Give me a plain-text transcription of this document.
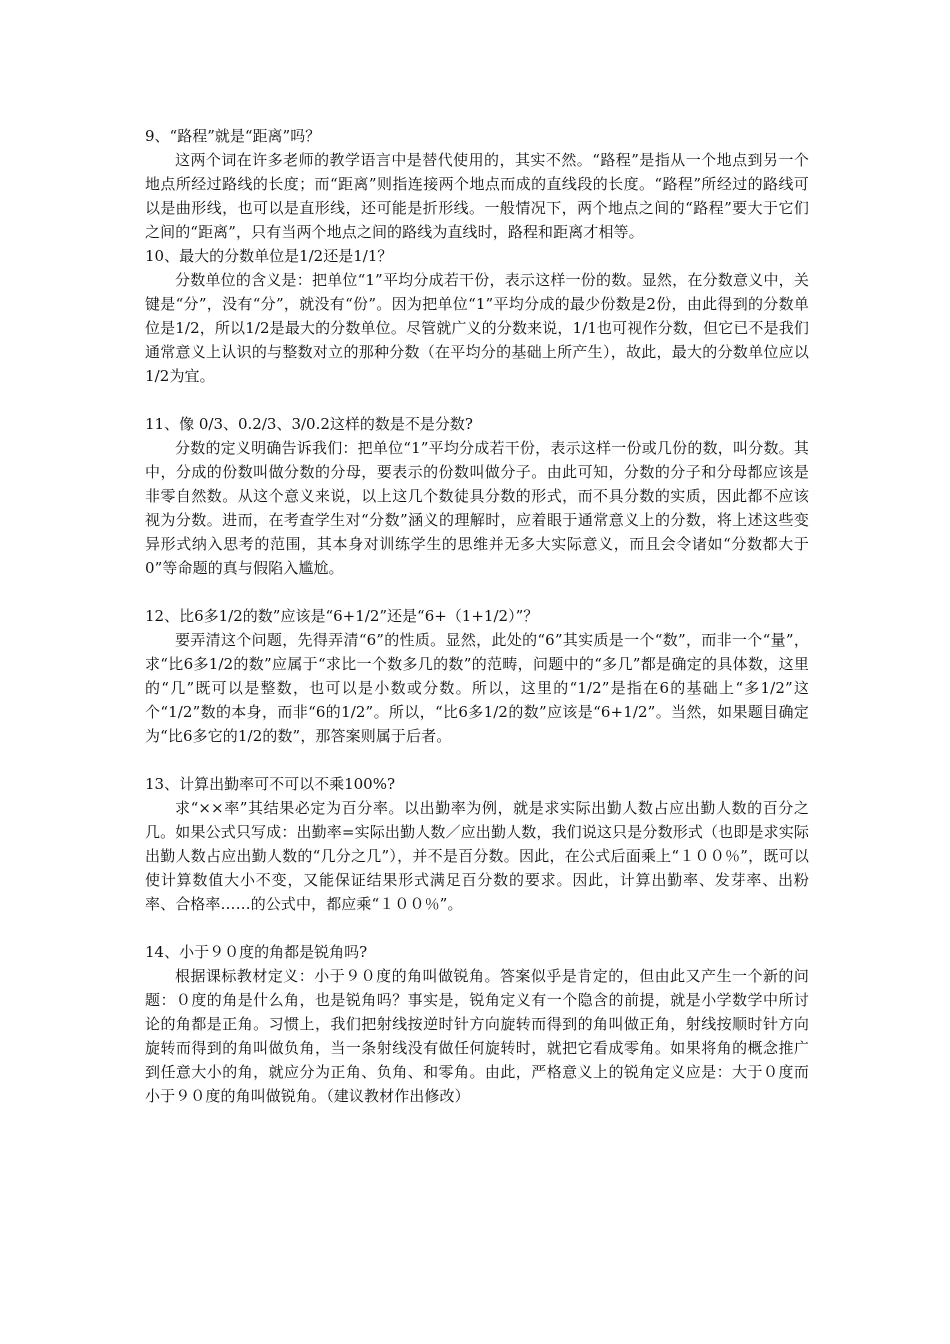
9、“路程”就是“距离”吗？

这两个词在许多老师的教学语言中是替代使用的，其实不然。“路程”是指从一个地点到另一个地点所经过路线的长度；而“距离”则指连接两个地点而成的直线段的长度。“路程”所经过的路线可以是曲形线，也可以是直形线，还可能是折形线。一般情况下，两个地点之间的“路程”要大于它们之间的“距离”，只有当两个地点之间的路线为直线时，路程和距离才相等。

10、最大的分数单位是1/2还是1/1？

分数单位的含义是：把单位“1”平均分成若干份，表示这样一份的数。显然，在分数意义中，关键是“分”，没有“分”，就没有“份”。因为把单位“1”平均分成的最少份数是2份，由此得到的分数单位是1/2，所以1/2是最大的分数单位。尽管就广义的分数来说，1/1也可视作分数，但它已不是我们通常意义上认识的与整数对立的那种分数（在平均分的基础上所产生），故此，最大的分数单位应以1/2为宜。

11、像 0/3、0.2/3、3/0.2这样的数是不是分数?

分数的定义明确告诉我们：把单位“1”平均分成若干份，表示这样一份或几份的数，叫分数。其中，分成的份数叫做分数的分母，要表示的份数叫做分子。由此可知，分数的分子和分母都应该是非零自然数。从这个意义来说，以上这几个数徒具分数的形式，而不具分数的实质，因此都不应该视为分数。进而，在考查学生对“分数”涵义的理解时，应着眼于通常意义上的分数，将上述这些变异形式纳入思考的范围，其本身对训练学生的思维并无多大实际意义，而且会令诸如“分数都大于0”等命题的真与假陷入尴尬。

12、比6多1/2的数”应该是“6+1/2”还是“6+（1+1/2）”？

要弄清这个问题，先得弄清“6”的性质。显然，此处的“6”其实质是一个“数”，而非一个“量”，求“比6多1/2的数”应属于“求比一个数多几的数”的范畴，问题中的“多几”都是确定的具体数，这里的“几”既可以是整数，也可以是小数或分数。所以，这里的“1/2”是指在6的基础上“多1/2”这个“1/2”数的本身，而非“6的1/2”。所以，“比6多1/2的数”应该是“6+1/2”。当然，如果题目确定为“比6多它的1/2的数”，那答案则属于后者。

13、计算出勤率可不可以不乘100%?

求“××率”其结果必定为百分率。以出勤率为例，就是求实际出勤人数占应出勤人数的百分之几。如果公式只写成：出勤率=实际出勤人数／应出勤人数，我们说这只是分数形式（也即是求实际出勤人数占应出勤人数的“几分之几”），并不是百分数。因此，在公式后面乘上“１００％”，既可以使计算数值大小不变，又能保证结果形式满足百分数的要求。因此，计算出勤率、发芽率、出粉率、合格率……的公式中，都应乘“１００％”。

14、小于９０度的角都是锐角吗?

根据课标教材定义：小于９０度的角叫做锐角。答案似乎是肯定的，但由此又产生一个新的问题：０度的角是什么角，也是锐角吗？事实是，锐角定义有一个隐含的前提，就是小学数学中所讨论的角都是正角。习惯上，我们把射线按逆时针方向旋转而得到的角叫做正角，射线按顺时针方向旋转而得到的角叫做负角，当一条射线没有做任何旋转时，就把它看成零角。如果将角的概念推广到任意大小的角，就应分为正角、负角、和零角。由此，严格意义上的锐角定义应是：大于０度而小于９０度的角叫做锐角。（建议教材作出修改）
